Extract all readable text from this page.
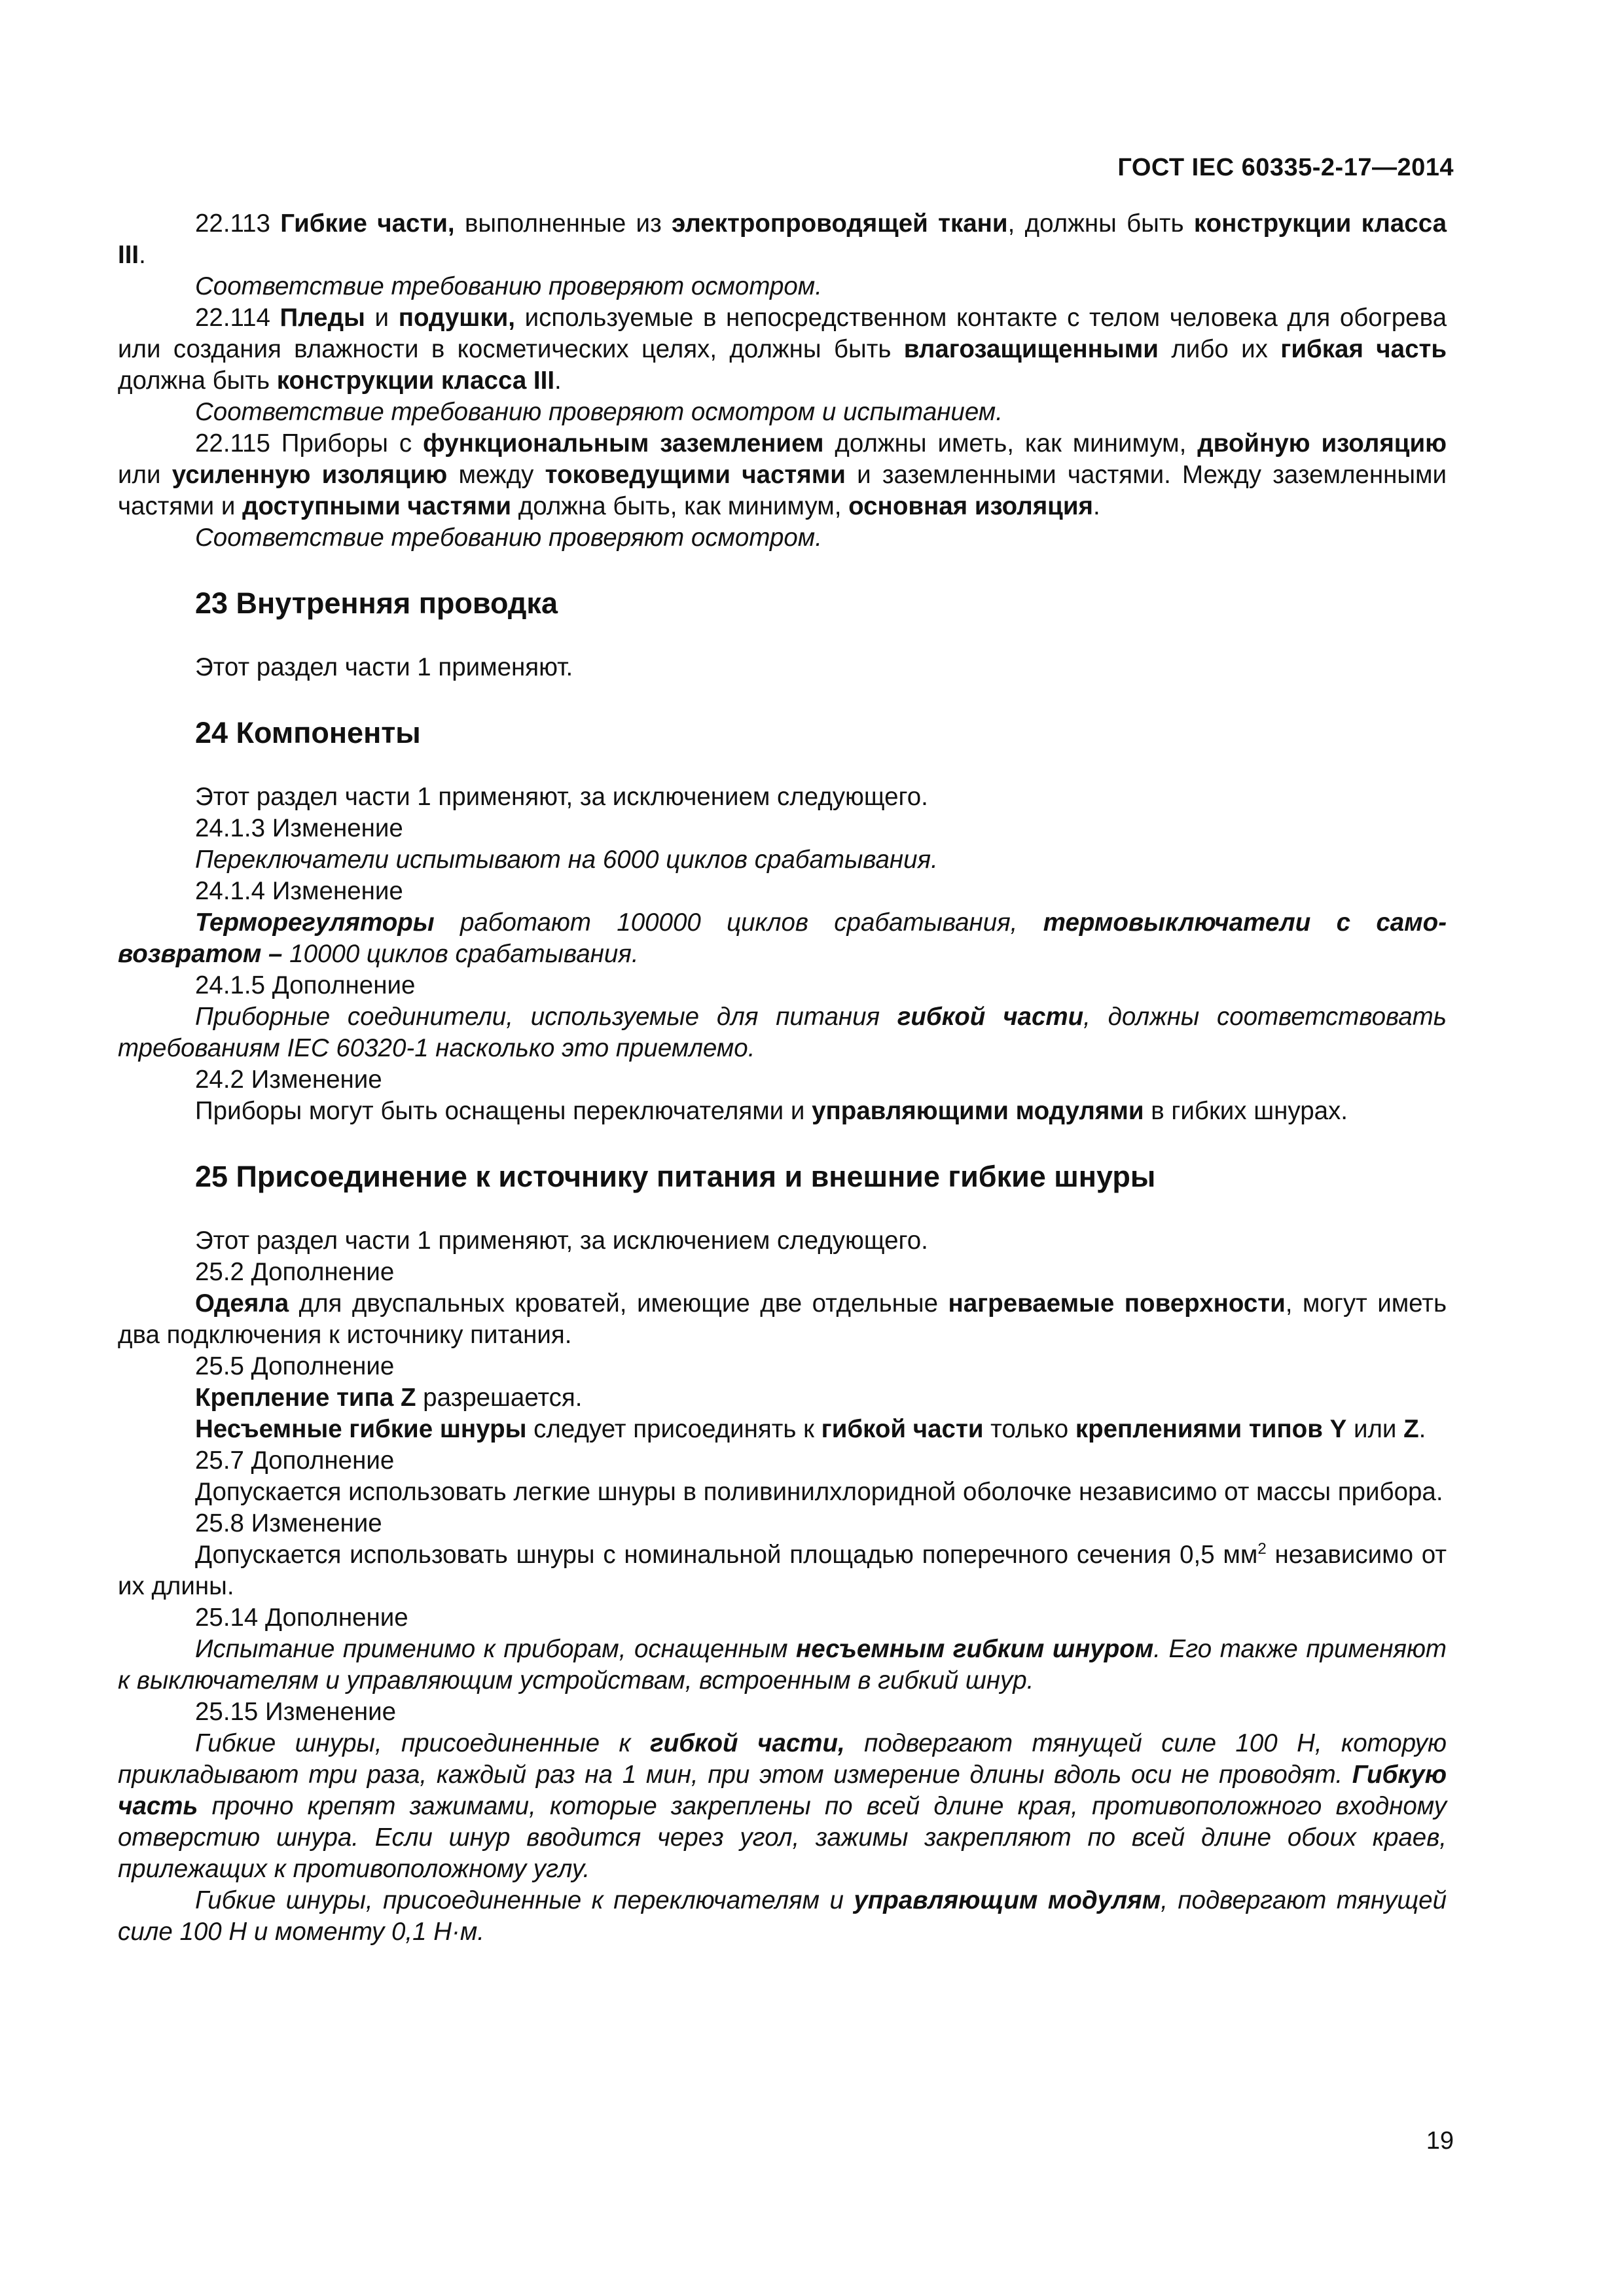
ГОСТ IEC 60335-2-17—2014

22.113 Гибкие части, выполненные из электропроводящей ткани, должны быть конструкции класса III.

Соответствие требованию проверяют осмотром.

22.114 Пледы и подушки, используемые в непосредственном контакте с телом человека для обогрева или создания влажности в косметических целях, должны быть влагозащищенными либо их гибкая часть должна быть конструкции класса III.

Соответствие требованию проверяют осмотром и испытанием.

22.115 Приборы с функциональным заземлением должны иметь, как минимум, двойную изоляцию или усиленную изоляцию между токоведущими частями и заземленными частями. Между заземленными частями и доступными частями должна быть, как минимум, основная изоляция.

Соответствие требованию проверяют осмотром.

23 Внутренняя проводка

Этот раздел части 1 применяют.

24 Компоненты

Этот раздел части 1 применяют, за исключением следующего.

24.1.3 Изменение

Переключатели испытывают на 6000 циклов срабатывания.

24.1.4 Изменение

Терморегуляторы работают 100000 циклов срабатывания, термовыключатели с самовозвратом – 10000 циклов срабатывания.

24.1.5 Дополнение

Приборные соединители, используемые для питания гибкой части, должны соответствовать требованиям IEC 60320-1 насколько это приемлемо.

24.2 Изменение

Приборы могут быть оснащены переключателями и управляющими модулями в гибких шнурах.

25 Присоединение к источнику питания и внешние гибкие шнуры

Этот раздел части 1 применяют, за исключением следующего.

25.2 Дополнение

Одеяла для двуспальных кроватей, имеющие две отдельные нагреваемые поверхности, могут иметь два подключения к источнику питания.

25.5 Дополнение

Крепление типа Z разрешается.

Несъемные гибкие шнуры следует присоединять к гибкой части только креплениями типов Y или Z.

25.7 Дополнение

Допускается использовать легкие шнуры в поливинилхлоридной оболочке независимо от массы прибора.

25.8 Изменение

Допускается использовать шнуры с номинальной площадью поперечного сечения 0,5 $мм^2$ независимо от их длины.

25.14 Дополнение

Испытание применимо к приборам, оснащенным несъемным гибким шнуром. Его также применяют к выключателям и управляющим устройствам, встроенным в гибкий шнур.

25.15 Изменение

Гибкие шнуры, присоединенные к гибкой части, подвергают тянущей силе 100 Н, которую прикладывают три раза, каждый раз на 1 мин, при этом измерение длины вдоль оси не проводят. Гибкую часть прочно крепят зажимами, которые закреплены по всей длине края, противоположного входному отверстию шнура. Если шнур вводится через угол, зажимы закрепляют по всей длине обоих краев, прилежащих к противоположному углу.

Гибкие шнуры, присоединенные к переключателям и управляющим модулям, подвергают тянущей силе 100 Н и моменту 0,1 Н·м.

19
